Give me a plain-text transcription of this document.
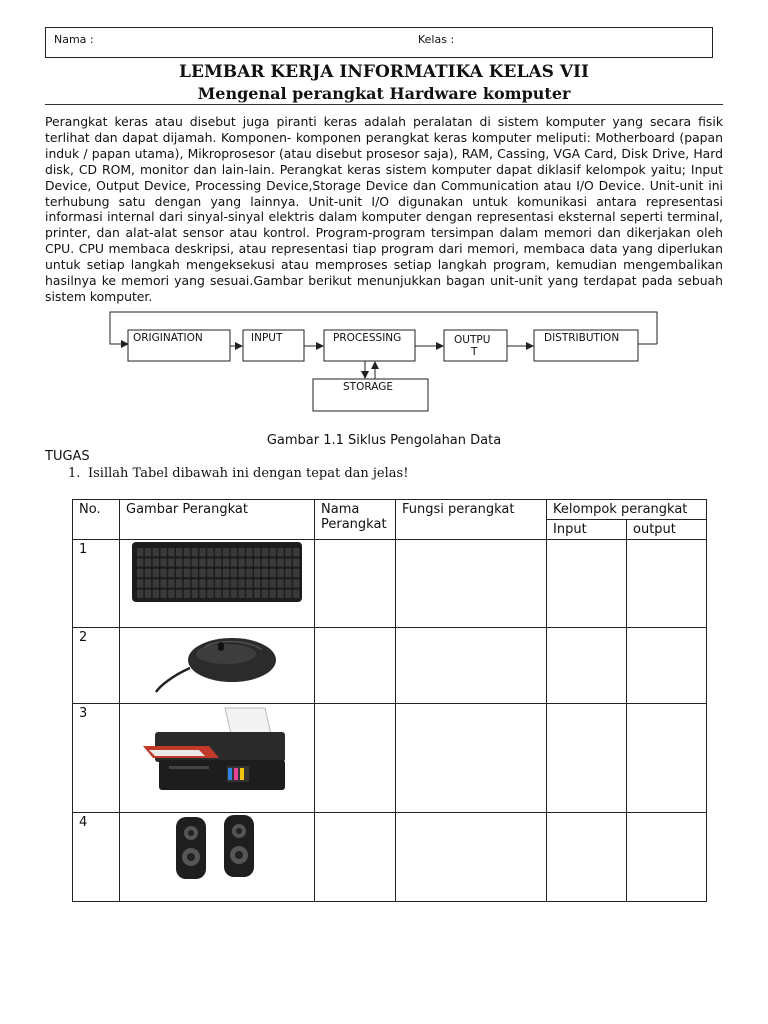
Nama :	Kelas :
LEMBAR KERJA INFORMATIKA KELAS VII
Mengenal perangkat Hardware komputer

Perangkat keras atau disebut juga piranti keras adalah peralatan di sistem komputer yang secara fisik terlihat dan dapat dijamah. Komponen- komponen perangkat keras komputer meliputi: Motherboard (papan induk / papan utama), Mikroprosesor (atau disebut prosesor saja), RAM, Cassing, VGA Card, Disk Drive, Hard disk, CD ROM, monitor dan lain-lain. Perangkat keras sistem komputer dapat diklasif kelompok yaitu; Input Device, Output Device, Processing Device,Storage Device dan Communication atau I/O Device. Unit-unit ini terhubung satu dengan yang lainnya. Unit-unit I/O digunakan untuk komunikasi antara representasi informasi internal dari sinyal-sinyal elektris dalam komputer dengan representasi eksternal seperti terminal, printer, dan alat-alat sensor atau kontrol. Program-program tersimpan dalam memori dan dikerjakan oleh CPU. CPU membaca deskripsi, atau representasi tiap program dari memori, membaca data yang diperlukan untuk setiap langkah mengeksekusi atau memproses setiap langkah program, kemudian mengembalikan hasilnya ke memori yang sesuai.Gambar berikut menunjukkan bagan unit-unit yang terdapat pada sebuah sistem komputer.

ORIGINATION	INPUT	PROCESSING	OUTPU
T
DISTRIBUTION
STORAGE
Gambar 1.1 Siklus Pengolahan Data
TUGAS
1. Isillah Tabel dibawah ini dengan tepat dan jelas!
No.	Gambar Perangkat	Nama Perangkat	Fungsi perangkat	Kelompok perangkat	
				Input	output
1	

2	

3	

4	
